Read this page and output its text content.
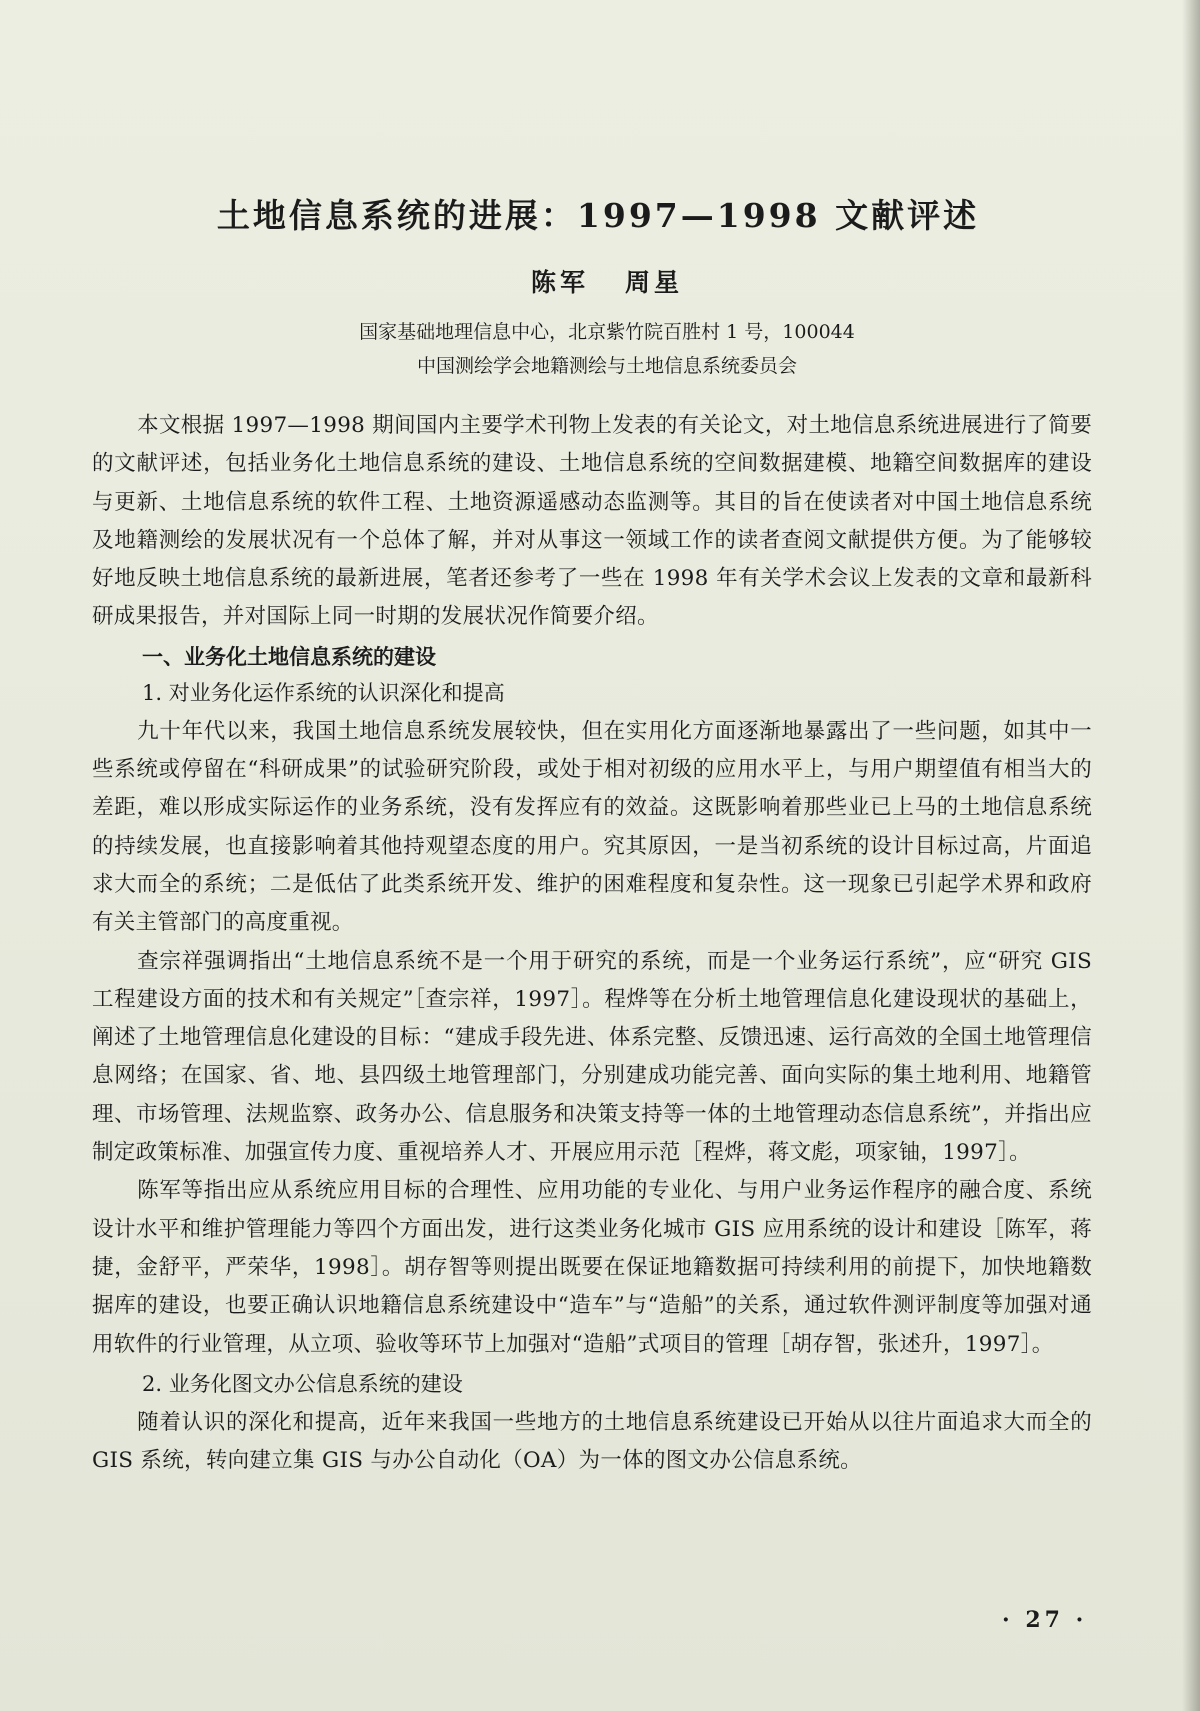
土地信息系统的进展：1997—1998 文献评述
陈军 周星
国家基础地理信息中心，北京紫竹院百胜村 1 号，100044
中国测绘学会地籍测绘与土地信息系统委员会

本文根据 1997—1998 期间国内主要学术刊物上发表的有关论文，对土地信息系统进展进行了简要的文献评述，包括业务化土地信息系统的建设、土地信息系统的空间数据建模、地籍空间数据库的建设与更新、土地信息系统的软件工程、土地资源遥感动态监测等。其目的旨在使读者对中国土地信息系统及地籍测绘的发展状况有一个总体了解，并对从事这一领域工作的读者查阅文献提供方便。为了能够较好地反映土地信息系统的最新进展，笔者还参考了一些在 1998 年有关学术会议上发表的文章和最新科研成果报告，并对国际上同一时期的发展状况作简要介绍。

一、业务化土地信息系统的建设
1. 对业务化运作系统的认识深化和提高

九十年代以来，我国土地信息系统发展较快，但在实用化方面逐渐地暴露出了一些问题，如其中一些系统或停留在“科研成果”的试验研究阶段，或处于相对初级的应用水平上，与用户期望值有相当大的差距，难以形成实际运作的业务系统，没有发挥应有的效益。这既影响着那些业已上马的土地信息系统的持续发展，也直接影响着其他持观望态度的用户。究其原因，一是当初系统的设计目标过高，片面追求大而全的系统；二是低估了此类系统开发、维护的困难程度和复杂性。这一现象已引起学术界和政府有关主管部门的高度重视。

查宗祥强调指出“土地信息系统不是一个用于研究的系统，而是一个业务运行系统”，应“研究 GIS 工程建设方面的技术和有关规定”［查宗祥，1997］。程烨等在分析土地管理信息化建设现状的基础上，阐述了土地管理信息化建设的目标：“建成手段先进、体系完整、反馈迅速、运行高效的全国土地管理信息网络；在国家、省、地、县四级土地管理部门，分别建成功能完善、面向实际的集土地利用、地籍管理、市场管理、法规监察、政务办公、信息服务和决策支持等一体的土地管理动态信息系统”，并指出应制定政策标准、加强宣传力度、重视培养人才、开展应用示范［程烨，蒋文彪，项家铀，1997］。

陈军等指出应从系统应用目标的合理性、应用功能的专业化、与用户业务运作程序的融合度、系统设计水平和维护管理能力等四个方面出发，进行这类业务化城市 GIS 应用系统的设计和建设［陈军，蒋捷，金舒平，严荣华，1998］。胡存智等则提出既要在保证地籍数据可持续利用的前提下，加快地籍数据库的建设，也要正确认识地籍信息系统建设中“造车”与“造船”的关系，通过软件测评制度等加强对通用软件的行业管理，从立项、验收等环节上加强对“造船”式项目的管理［胡存智，张述升，1997］。

2. 业务化图文办公信息系统的建设

随着认识的深化和提高，近年来我国一些地方的土地信息系统建设已开始从以往片面追求大而全的 GIS 系统，转向建立集 GIS 与办公自动化（OA）为一体的图文办公信息系统。

· 27 ·
